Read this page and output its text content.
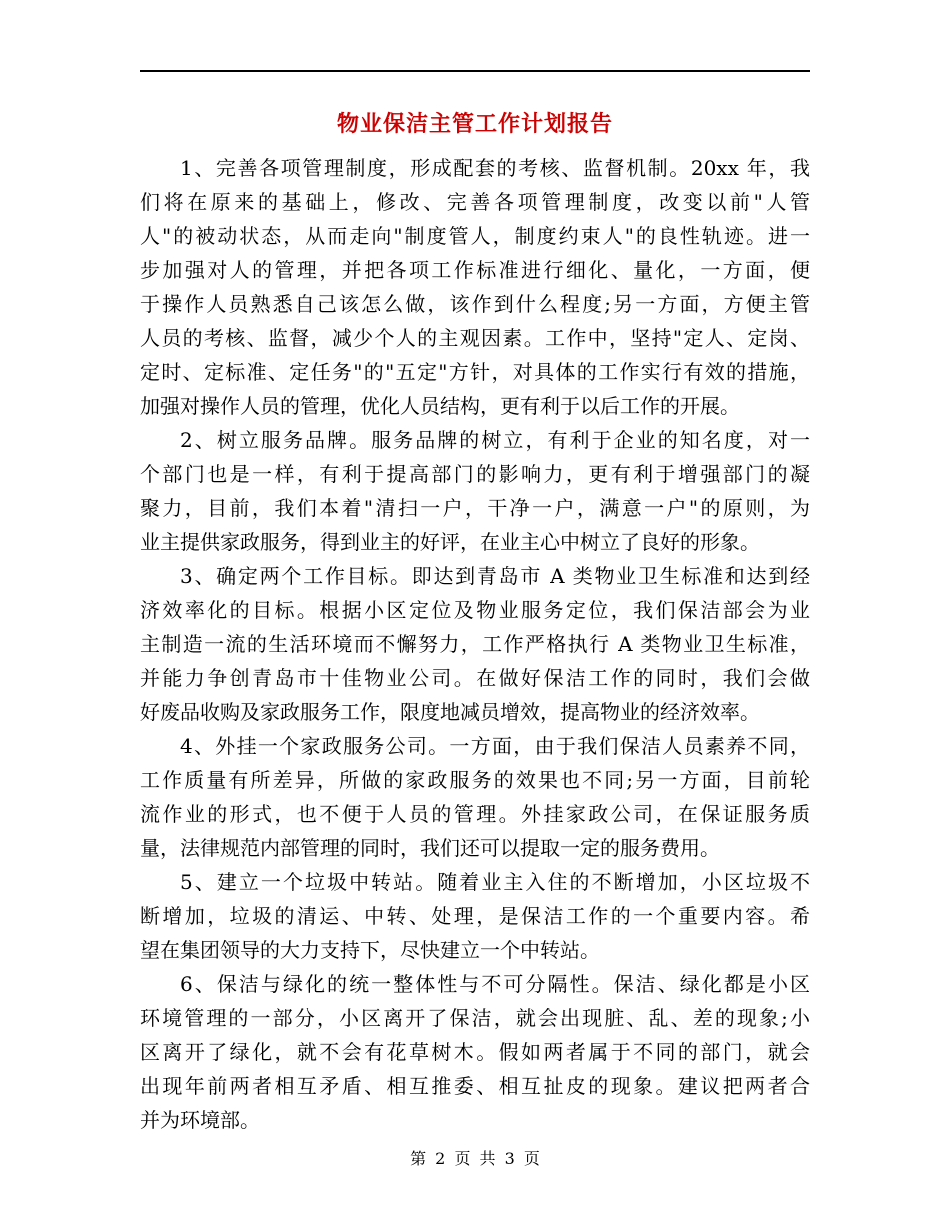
物业保洁主管工作计划报告
1、完善各项管理制度，形成配套的考核、监督机制。20xx 年，我
们将在原来的基础上，修改、完善各项管理制度，改变以前"人管
人"的被动状态，从而走向"制度管人，制度约束人"的良性轨迹。进一
步加强对人的管理，并把各项工作标准进行细化、量化，一方面，便
于操作人员熟悉自己该怎么做，该作到什么程度;另一方面，方便主管
人员的考核、监督，减少个人的主观因素。工作中，坚持"定人、定岗、
定时、定标准、定任务"的"五定"方针，对具体的工作实行有效的措施，
加强对操作人员的管理，优化人员结构，更有利于以后工作的开展。
2、树立服务品牌。服务品牌的树立，有利于企业的知名度，对一
个部门也是一样，有利于提高部门的影响力，更有利于增强部门的凝
聚力，目前，我们本着"清扫一户，干净一户，满意一户"的原则，为
业主提供家政服务，得到业主的好评，在业主心中树立了良好的形象。
3、确定两个工作目标。即达到青岛市 A 类物业卫生标准和达到经
济效率化的目标。根据小区定位及物业服务定位，我们保洁部会为业
主制造一流的生活环境而不懈努力，工作严格执行 A 类物业卫生标准，
并能力争创青岛市十佳物业公司。在做好保洁工作的同时，我们会做
好废品收购及家政服务工作，限度地减员增效，提高物业的经济效率。
4、外挂一个家政服务公司。一方面，由于我们保洁人员素养不同，
工作质量有所差异，所做的家政服务的效果也不同;另一方面，目前轮
流作业的形式，也不便于人员的管理。外挂家政公司，在保证服务质
量，法律规范内部管理的同时，我们还可以提取一定的服务费用。
5、建立一个垃圾中转站。随着业主入住的不断增加，小区垃圾不
断增加，垃圾的清运、中转、处理，是保洁工作的一个重要内容。希
望在集团领导的大力支持下，尽快建立一个中转站。
6、保洁与绿化的统一整体性与不可分隔性。保洁、绿化都是小区
环境管理的一部分，小区离开了保洁，就会出现脏、乱、差的现象;小
区离开了绿化，就不会有花草树木。假如两者属于不同的部门，就会
出现年前两者相互矛盾、相互推委、相互扯皮的现象。建议把两者合
并为环境部。
第 2 页 共 3 页
